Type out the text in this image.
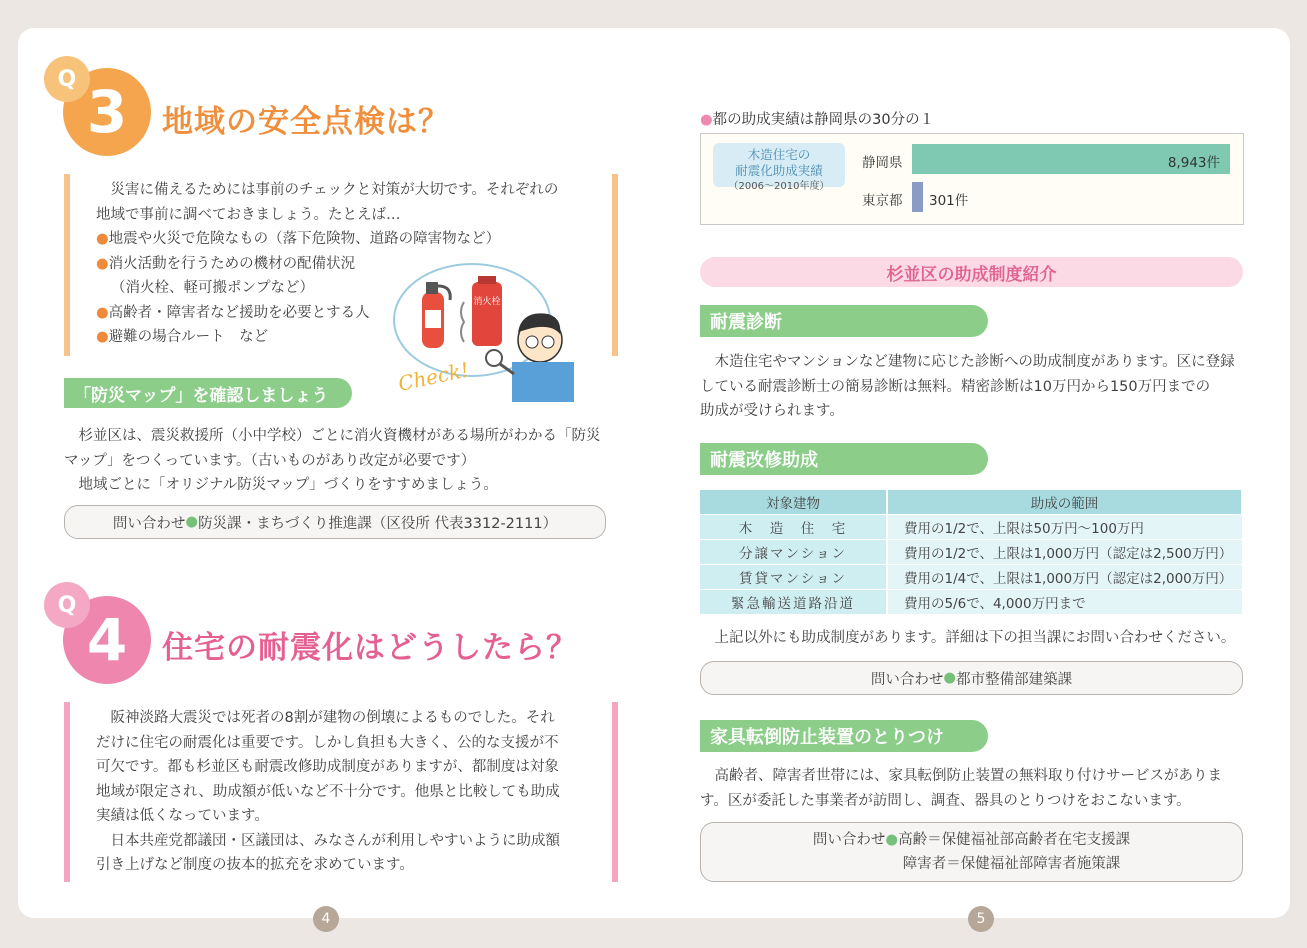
3
Q
地域の安全点検は？
　災害に備えるためには事前のチェックと対策が大切です。それぞれの
地域で事前に調べておきましょう。たとえば…
●地震や火災で危険なもの（落下危険物、道路の障害物など）
●消火活動を行うための機材の配備状況
（消火栓、軽可搬ポンプなど）
●高齢者・障害者など援助を必要とする人
●避難の場合ルート　など
消火栓
Check!
「防災マップ」を確認しましょう
　杉並区は、震災救援所（小中学校）ごとに消火資機材がある場所がわかる「防災
マップ」をつくっています。（古いものがあり改定が必要です）
　地域ごとに「オリジナル防災マップ」づくりをすすめましょう。
問い合わせ ● 防災課・まちづくり推進課（区役所 代表3312-2111）
4
Q
住宅の耐震化はどうしたら？
　阪神淡路大震災では死者の8割が建物の倒壊によるものでした。それ
だけに住宅の耐震化は重要です。しかし負担も大きく、公的な支援が不
可欠です。都も杉並区も耐震改修助成制度がありますが、都制度は対象
地域が限定され、助成額が低いなど不十分です。他県と比較しても助成
実績は低くなっています。
　日本共産党都議団・区議団は、みなさんが利用しやすいように助成額
引き上げなど制度の抜本的拡充を求めています。
●都の助成実績は静岡県の30分の１
木造住宅の
耐震化助成実績
（2006～2010年度）
静岡県
東京都
8,943件
301件
杉並区の助成制度紹介
耐震診断
　木造住宅やマンションなど建物に応じた診断への助成制度があります。区に登録
している耐震診断士の簡易診断は無料。精密診断は10万円から150万円までの
助成が受けられます。
耐震改修助成
対象建物	助成の範囲
木　造　住　宅	費用の1/2で、上限は50万円～100万円
分譲マンション	費用の1/2で、上限は1,000万円（認定は2,500万円）
賃貸マンション	費用の1/4で、上限は1,000万円（認定は2,000万円）
緊急輸送道路沿道	費用の5/6で、4,000万円まで
　上記以外にも助成制度があります。詳細は下の担当課にお問い合わせください。
問い合わせ ● 都市整備部建築課
家具転倒防止装置のとりつけ
　高齢者、障害者世帯には、家具転倒防止装置の無料取り付けサービスがありま
す。区が委託した事業者が訪問し、調査、器具のとりつけをおこないます。
問い合わせ●高齢＝保健福祉部高齢者在宅支援課
障害者＝保健福祉部障害者施策課
4	5
